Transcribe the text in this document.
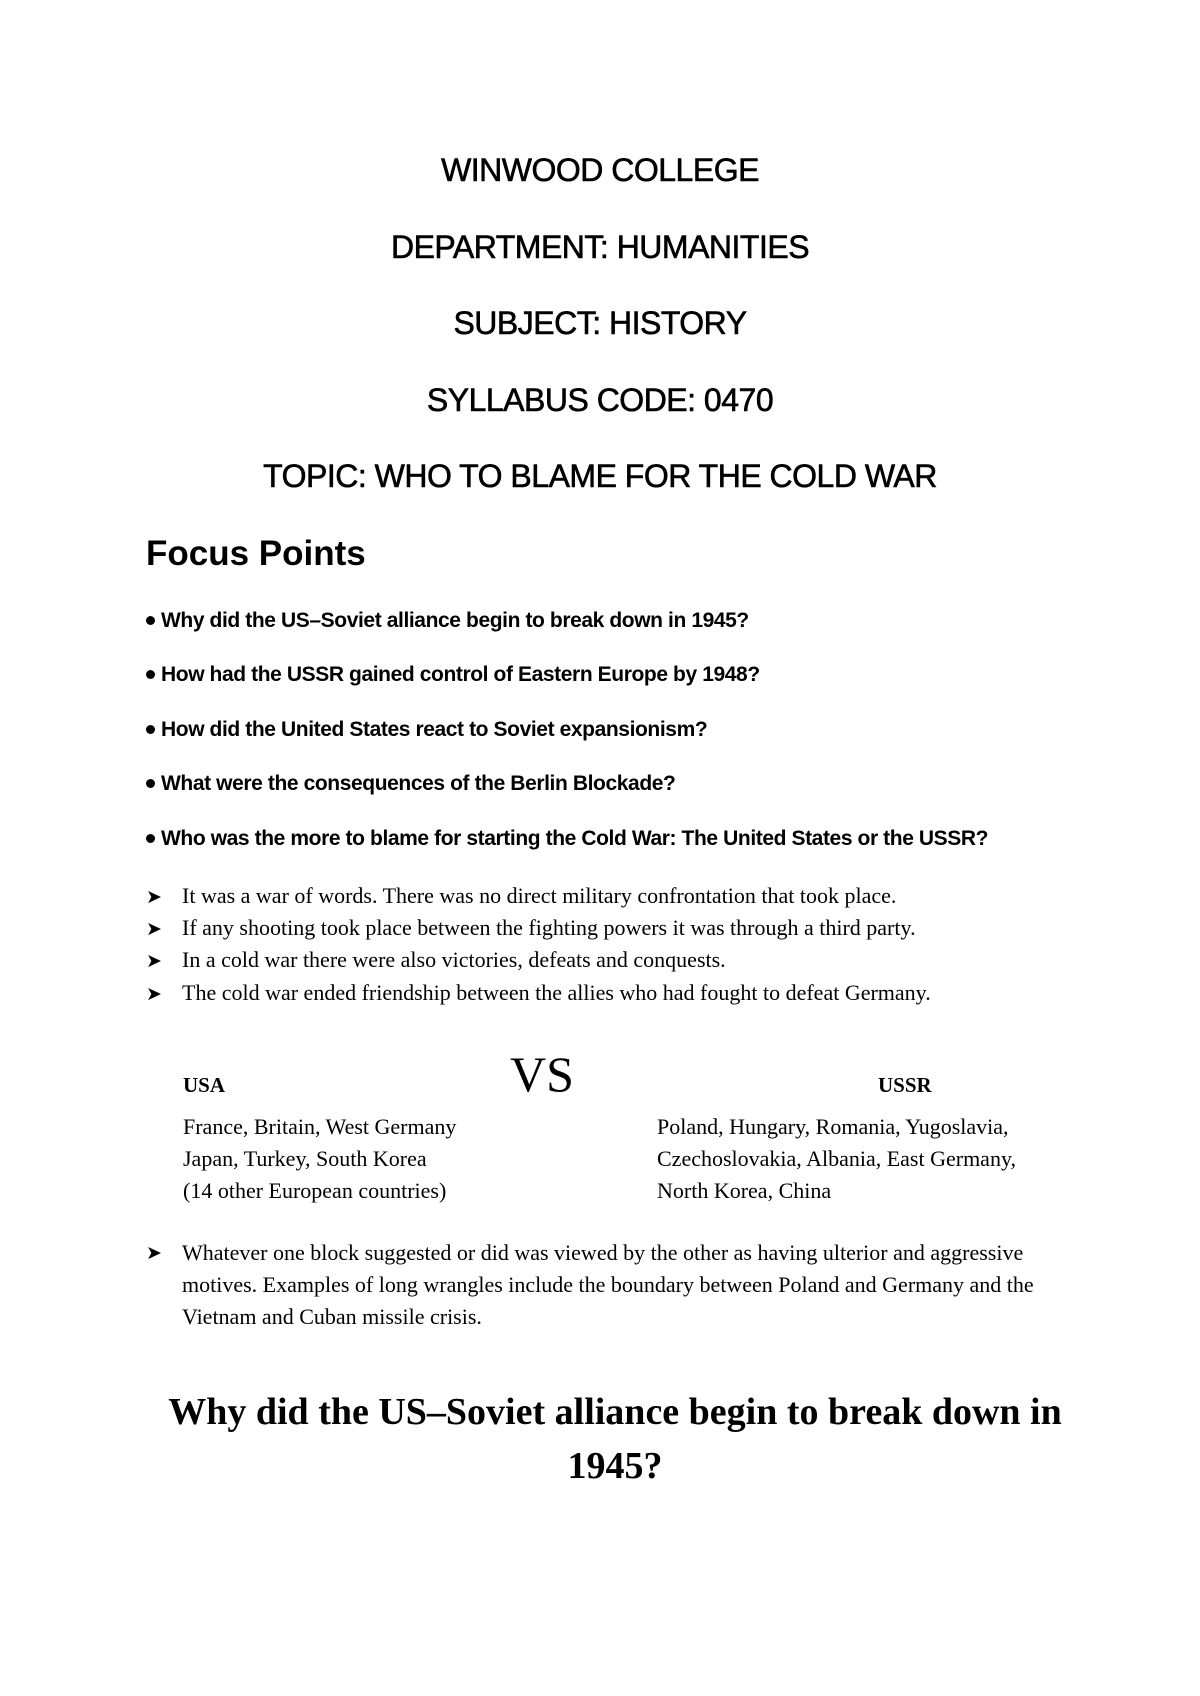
WINWOOD COLLEGE
DEPARTMENT: HUMANITIES
SUBJECT: HISTORY
SYLLABUS CODE: 0470
TOPIC: WHO TO BLAME FOR THE COLD WAR
Focus Points
Why did the US–Soviet alliance begin to break down in 1945?
How had the USSR gained control of Eastern Europe by 1948?
How did the United States react to Soviet expansionism?
What were the consequences of the Berlin Blockade?
Who was the more to blame for starting the Cold War: The United States or the USSR?
➤ It was a war of words. There was no direct military confrontation that took place.
➤ If any shooting took place between the fighting powers it was through a third party.
➤ In a cold war there were also victories, defeats and conquests.
➤ The cold war ended friendship between the allies who had fought to defeat Germany.
USA	VS	USSR
France, Britain, West Germany
Japan, Turkey, South Korea
(14 other European countries)
Poland, Hungary, Romania, Yugoslavia,
Czechoslovakia, Albania, East Germany,
North Korea, China
➤ Whatever one block suggested or did was viewed by the other as having ulterior and aggressive motives. Examples of long wrangles include the boundary between Poland and Germany and the Vietnam and Cuban missile crisis.
Why did the US–Soviet alliance begin to break down in 1945?
